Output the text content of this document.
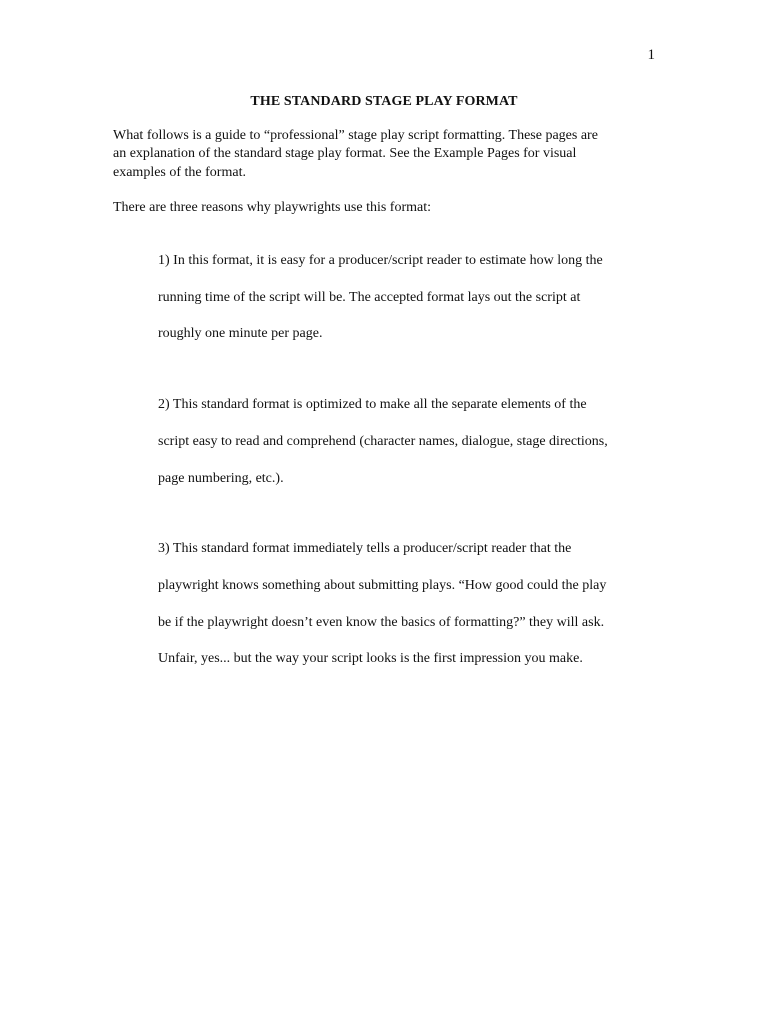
1
THE STANDARD STAGE PLAY FORMAT
What follows is a guide to “professional” stage play script formatting. These pages are
an explanation of the standard stage play format. See the Example Pages for visual
examples of the format.
There are three reasons why playwrights use this format:

1) In this format, it is easy for a producer/script reader to estimate how long the

running time of the script will be. The accepted format lays out the script at

roughly one minute per page.

2) This standard format is optimized to make all the separate elements of the

script easy to read and comprehend (character names, dialogue, stage directions,

page numbering, etc.).

3) This standard format immediately tells a producer/script reader that the

playwright knows something about submitting plays. “How good could the play

be if the playwright doesn’t even know the basics of formatting?” they will ask.

Unfair, yes... but the way your script looks is the first impression you make.
